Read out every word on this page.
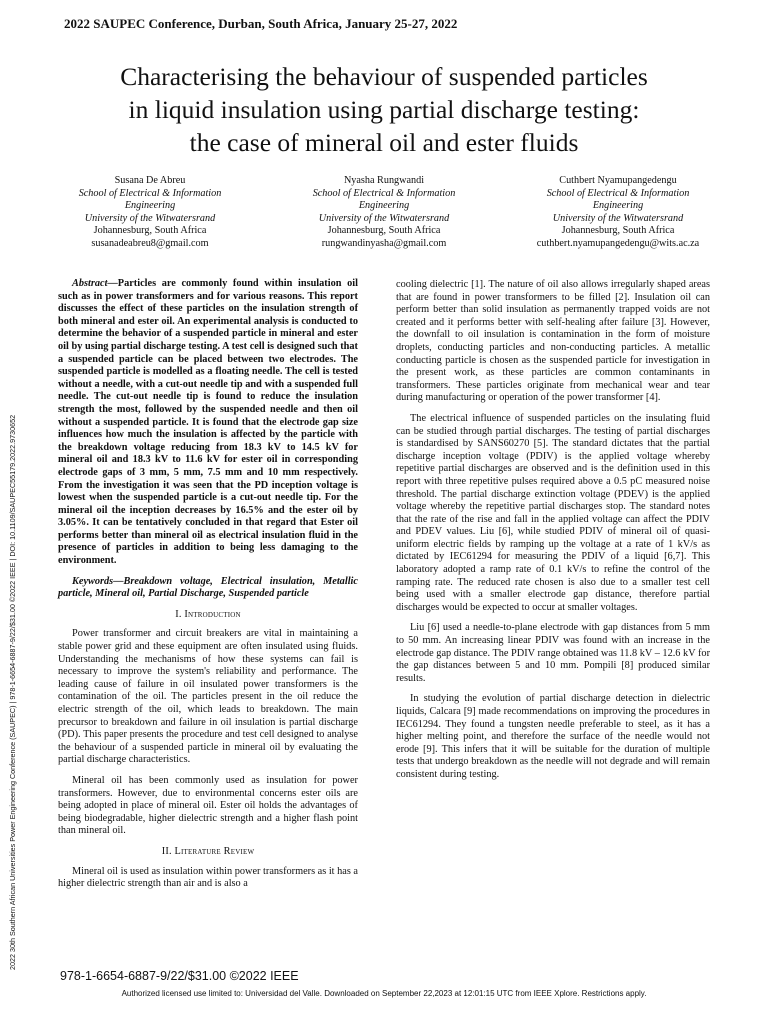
2022 SAUPEC Conference, Durban, South Africa, January 25-27, 2022
Characterising the behaviour of suspended particles
in liquid insulation using partial discharge testing:
the case of mineral oil and ester fluids
Susana De Abreu
School of Electrical & Information
Engineering
University of the Witwatersrand
Johannesburg, South Africa
susanadeabreu8@gmail.com
Nyasha Rungwandi
School of Electrical & Information
Engineering
University of the Witwatersrand
Johannesburg, South Africa
rungwandinyasha@gmail.com
Cuthbert Nyamupangedengu
School of Electrical & Information
Engineering
University of the Witwatersrand
Johannesburg, South Africa
cuthbert.nyamupangedengu@wits.ac.za
2022 30th Southern African Universities Power Engineering Conference (SAUPEC) | 978-1-6654-6887-9/22/$31.00 ©2022 IEEE | DOI: 10.1109/SAUPEC55179.2022.9730652

Abstract—Particles are commonly found within insulation oil such as in power transformers and for various reasons. This report discusses the effect of these particles on the insulation strength of both mineral and ester oil. An experimental analysis is conducted to determine the behavior of a suspended particle in mineral and ester oil by using partial discharge testing. A test cell is designed such that a suspended particle can be placed between two electrodes. The suspended particle is modelled as a floating needle. The cell is tested without a needle, with a cut-out needle tip and with a suspended full needle. The cut-out needle tip is found to reduce the insulation strength the most, followed by the suspended needle and then oil without a suspended particle. It is found that the electrode gap size influences how much the insulation is affected by the particle with the breakdown voltage reducing from 18.3 kV to 14.5 kV for mineral oil and 18.3 kV to 11.6 kV for ester oil in corresponding electrode gaps of 3 mm, 5 mm, 7.5 mm and 10 mm respectively. From the investigation it was seen that the PD inception voltage is lowest when the suspended particle is a cut-out needle tip. For the mineral oil the inception decreases by 16.5% and the ester oil by 3.05%. It can be tentatively concluded in that regard that Ester oil performs better than mineral oil as electrical insulation fluid in the presence of particles in addition to being less damaging to the environment.

Keywords—Breakdown voltage, Electrical insulation, Metallic particle, Mineral oil, Partial Discharge, Suspended particle

I. Introduction

Power transformer and circuit breakers are vital in maintaining a stable power grid and these equipment are often insulated using fluids. Understanding the mechanisms of how these systems can fail is necessary to improve the system's reliability and performance. The leading cause of failure in oil insulated power transformers is the contamination of the oil. The particles present in the oil reduce the electric strength of the oil, which leads to breakdown. The main precursor to breakdown and failure in oil insulation is partial discharge (PD). This paper presents the procedure and test cell designed to analyse the behaviour of a suspended particle in mineral oil by evaluating the partial discharge characteristics.

Mineral oil has been commonly used as insulation for power transformers. However, due to environmental concerns ester oils are being adopted in place of mineral oil. Ester oil holds the advantages of being biodegradable, higher dielectric strength and a higher flash point than mineral oil.

II. Literature Review

Mineral oil is used as insulation within power transformers as it has a higher dielectric strength than air and is also a

cooling dielectric [1]. The nature of oil also allows irregularly shaped areas that are found in power transformers to be filled [2]. Insulation oil can perform better than solid insulation as permanently trapped voids are not created and it performs better with self-healing after failure [3]. However, the downfall to oil insulation is contamination in the form of moisture droplets, conducting particles and non-conducting particles. A metallic conducting particle is chosen as the suspended particle for investigation in the present work, as these particles are common contaminants in transformers. These particles originate from mechanical wear and tear during manufacturing or operation of the power transformer [4].

The electrical influence of suspended particles on the insulating fluid can be studied through partial discharges. The testing of partial discharges is standardised by SANS60270 [5]. The standard dictates that the partial discharge inception voltage (PDIV) is the applied voltage whereby repetitive partial discharges are observed and is the definition used in this report with three repetitive pulses required above a 0.5 pC measured noise threshold. The partial discharge extinction voltage (PDEV) is the applied voltage whereby the repetitive partial discharges stop. The standard notes that the rate of the rise and fall in the applied voltage can affect the PDIV and PDEV values. Liu [6], while studied PDIV of mineral oil of quasi-uniform electric fields by ramping up the voltage at a rate of 1 kV/s as dictated by IEC61294 for measuring the PDIV of a liquid [6,7]. This laboratory adopted a ramp rate of 0.1 kV/s to refine the control of the ramping rate. The reduced rate chosen is also due to a smaller test cell being used with a smaller electrode gap distance, therefore partial discharges would be expected to occur at smaller voltages.

Liu [6] used a needle-to-plane electrode with gap distances from 5 mm to 50 mm. An increasing linear PDIV was found with an increase in the electrode gap distance. The PDIV range obtained was 11.8 kV – 12.6 kV for the gap distances between 5 and 10 mm. Pompili [8] produced similar results.

In studying the evolution of partial discharge detection in dielectric liquids, Calcara [9] made recommendations on improving the procedures in IEC61294. They found a tungsten needle preferable to steel, as it has a higher melting point, and therefore the surface of the needle would not erode [9]. This infers that it will be suitable for the duration of multiple tests that undergo breakdown as the needle will not degrade and will remain consistent during testing.

978-1-6654-6887-9/22/$31.00 ©2022 IEEE
Authorized licensed use limited to: Universidad del Valle. Downloaded on September 22,2023 at 12:01:15 UTC from IEEE Xplore. Restrictions apply.
